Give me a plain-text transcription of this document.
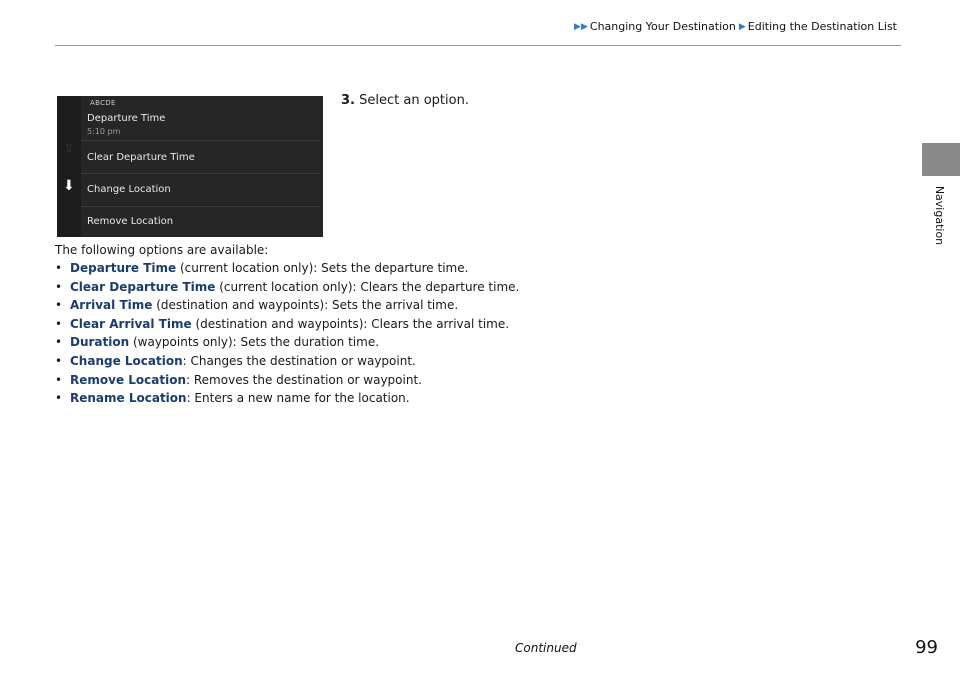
▶▶ Changing Your Destination ▶ Editing the Destination List
Navigation
⇧
ABCDE
Departure Time
5:10 pm
Clear Departure Time
Change Location
Remove Location
⬇
3. Select an option.

The following options are available:

• Departure Time (current location only): Sets the departure time.
• Clear Departure Time (current location only): Clears the departure time.
• Arrival Time (destination and waypoints): Sets the arrival time.
• Clear Arrival Time (destination and waypoints): Clears the arrival time.
• Duration (waypoints only): Sets the duration time.
• Change Location: Changes the destination or waypoint.
• Remove Location: Removes the destination or waypoint.
• Rename Location: Enters a new name for the location.
Continued	99
